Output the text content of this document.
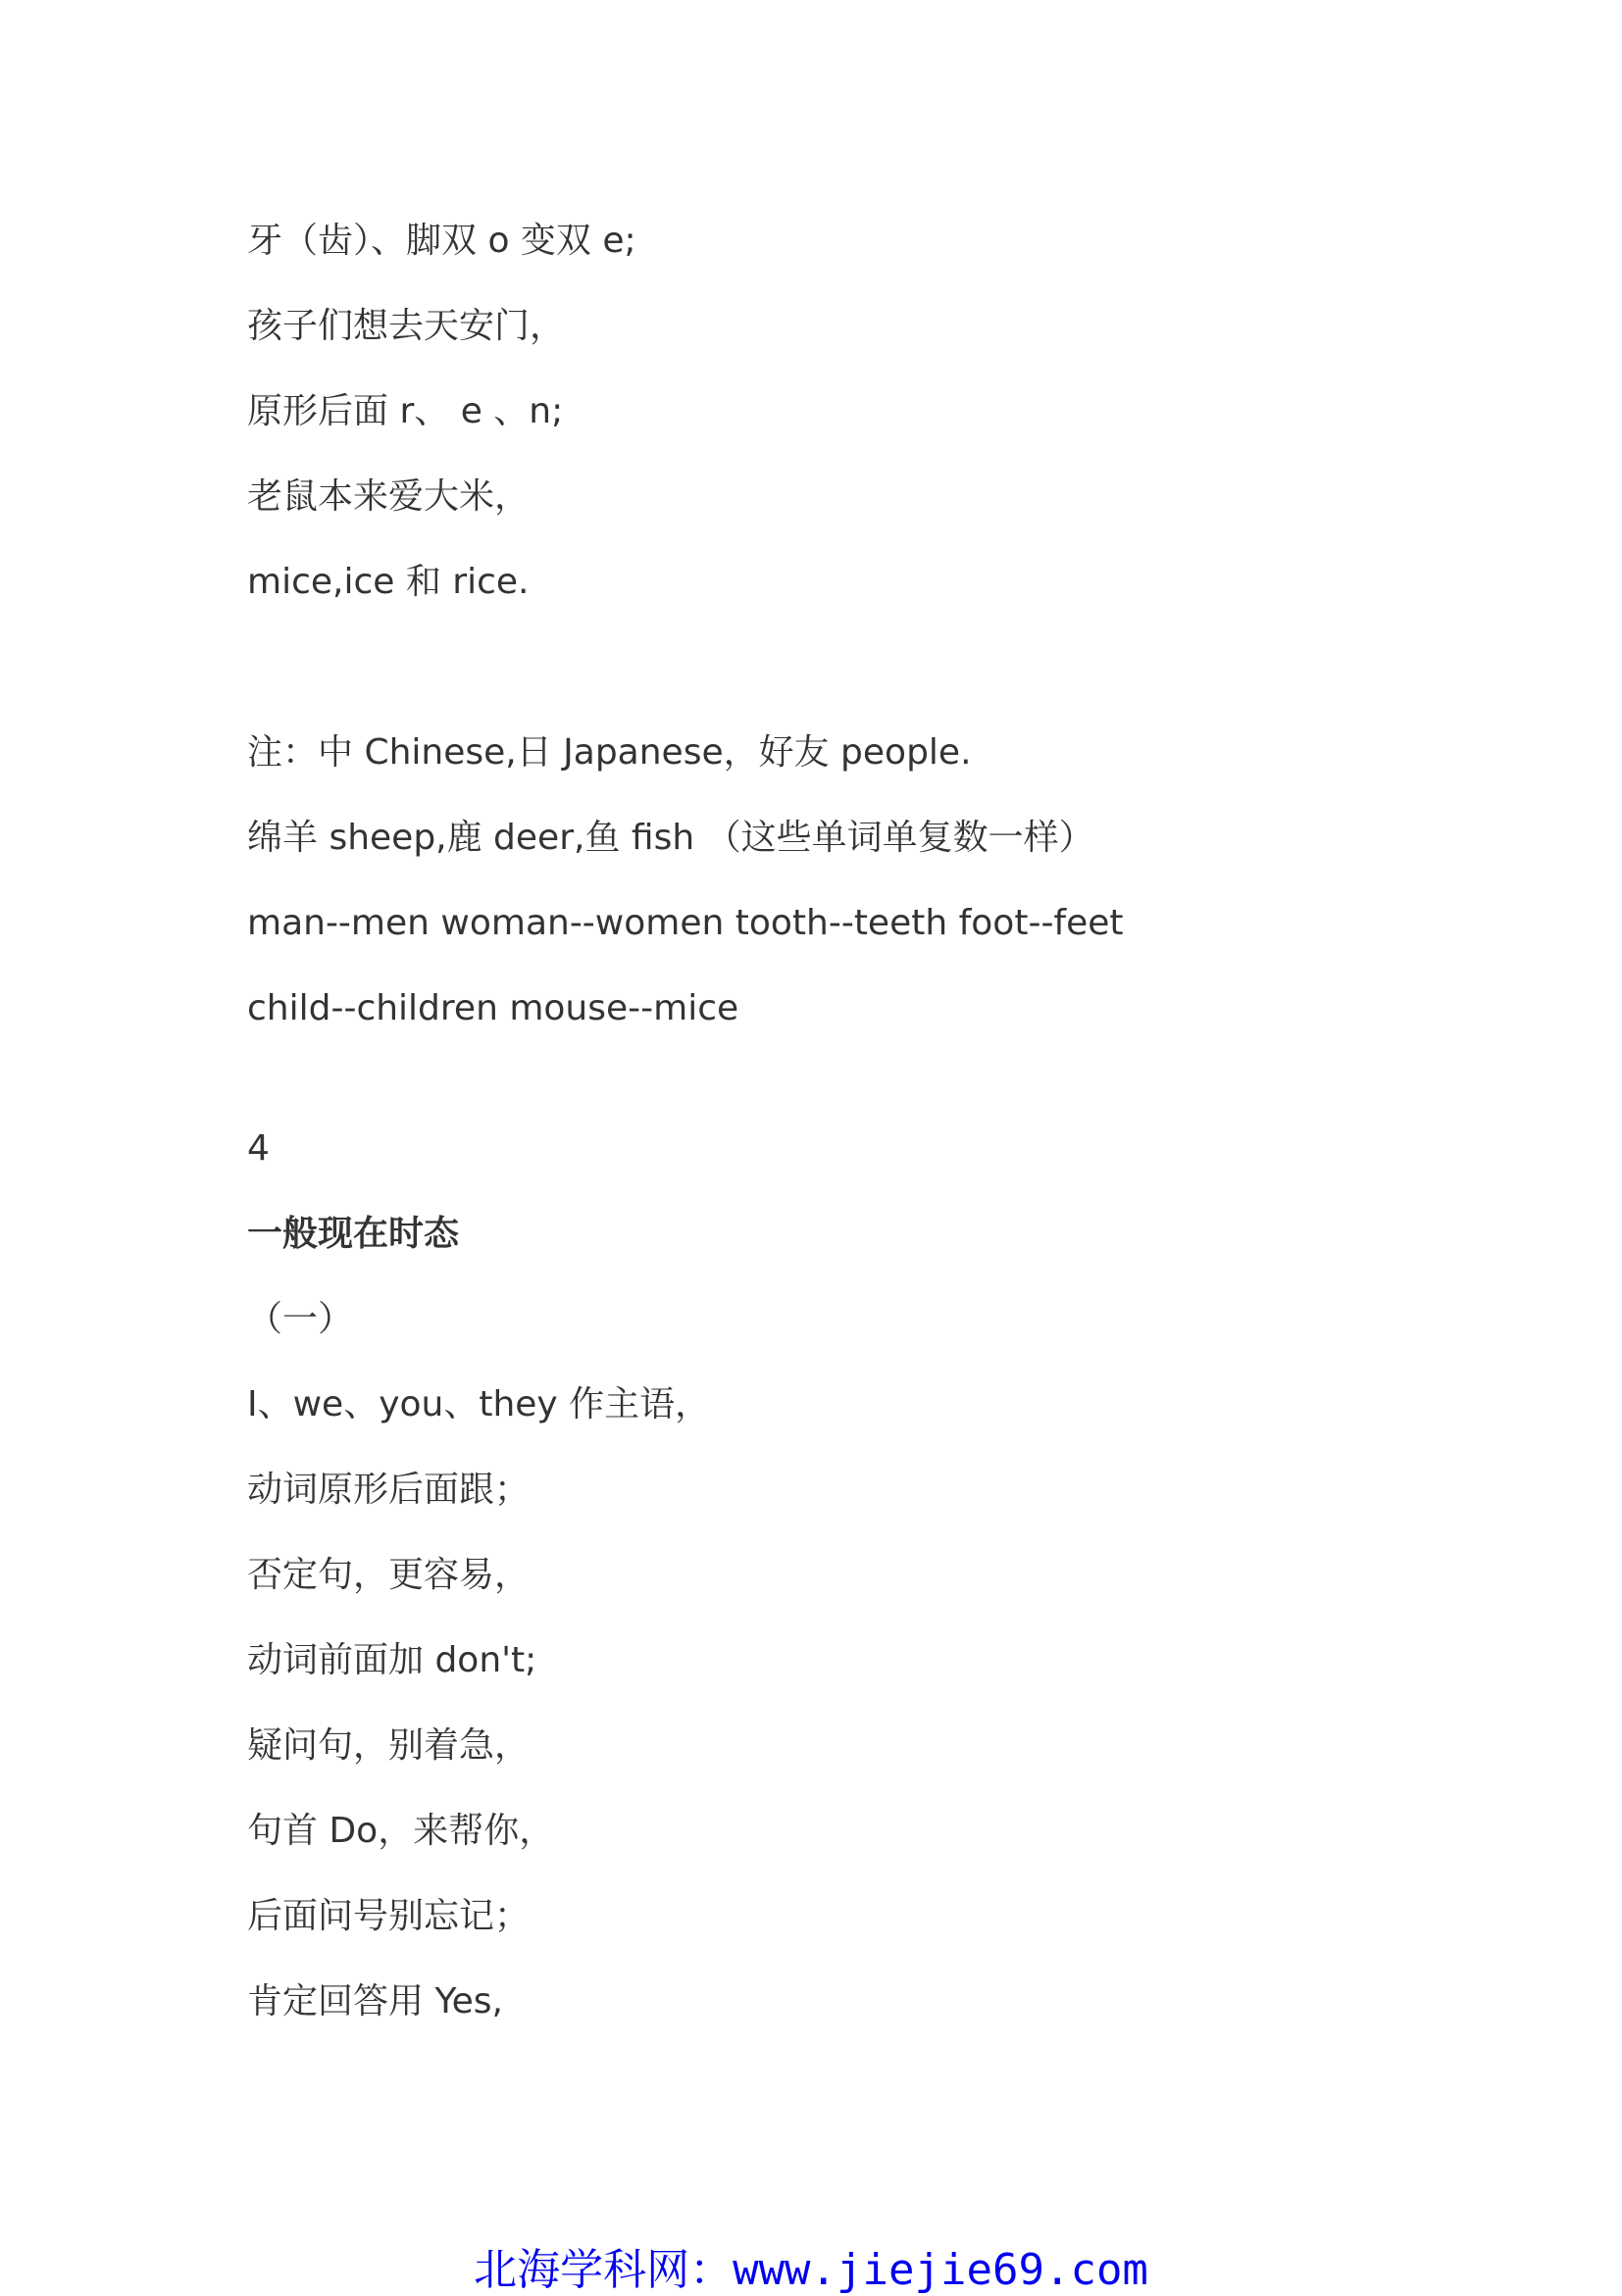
牙（齿）、脚双 o 变双 e;
孩子们想去天安门，
原形后面 r、 e 、n;
老鼠本来爱大米，
mice,ice 和 rice.
注：中 Chinese,日 Japanese，好友 people.
绵羊 sheep,鹿 deer,鱼 fish （这些单词单复数一样）
man--men woman--women tooth--teeth foot--feet
child--children mouse--mice
4
一般现在时态
（一）
I、we、you、they 作主语，
动词原形后面跟；
否定句，更容易，
动词前面加 don't;
疑问句，别着急，
句首 Do，来帮你，
后面问号别忘记；
肯定回答用 Yes,
北海学科网：www.jiejie69.com
